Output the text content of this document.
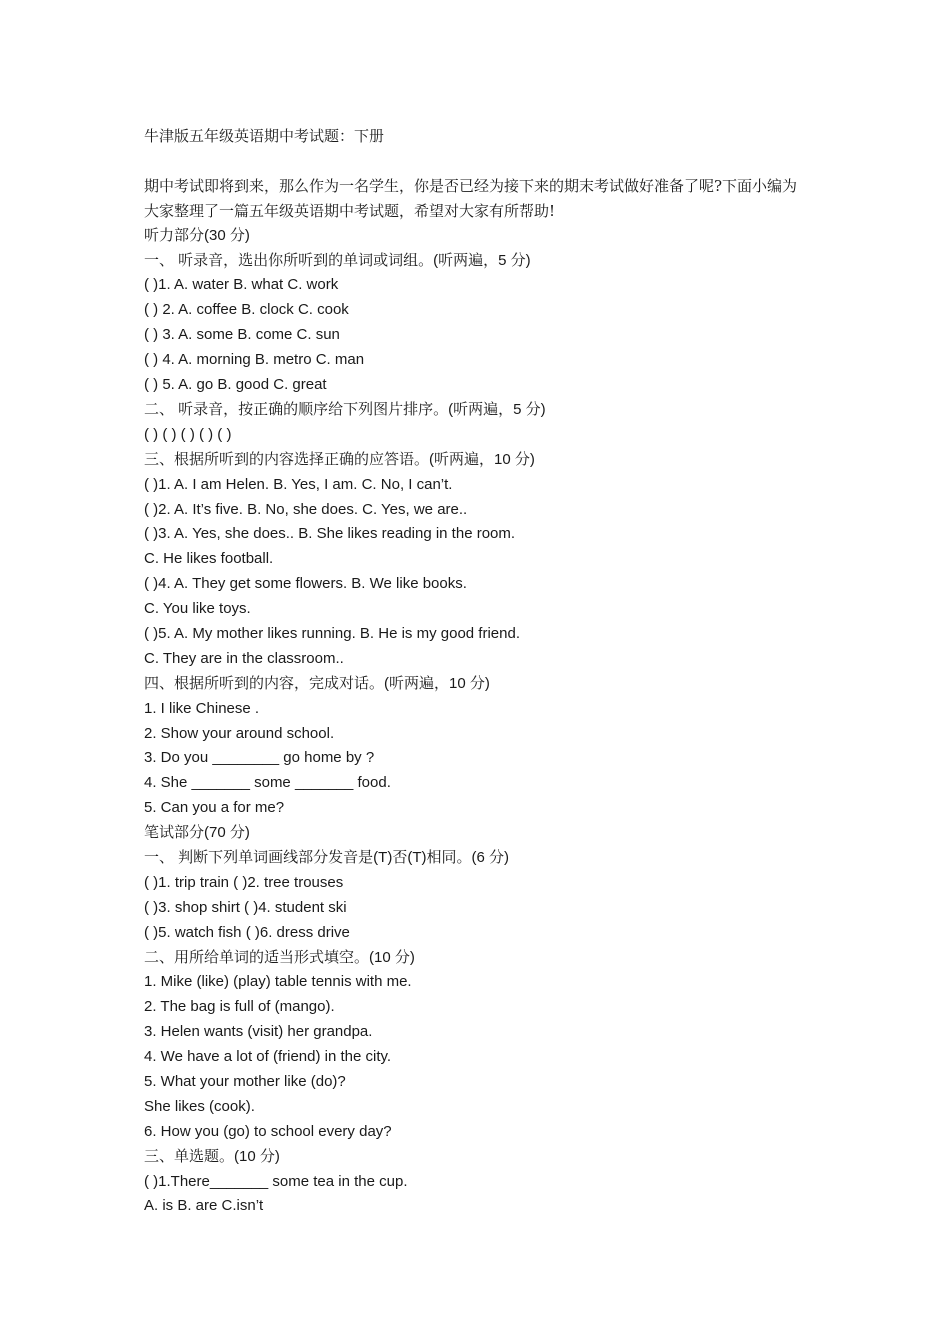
牛津版五年级英语期中考试题：下册
期中考试即将到来，那么作为一名学生，你是否已经为接下来的期末考试做好准备了呢?下面小编为大家整理了一篇五年级英语期中考试题，希望对大家有所帮助!
听力部分(30 分)
一、 听录音，选出你所听到的单词或词组。(听两遍，5 分)
( )1. A. water B. what C. work
( ) 2. A. coffee B. clock C. cook
( ) 3. A. some B. come C. sun
( ) 4. A. morning B. metro C. man
( ) 5. A. go B. good C. great
二、 听录音，按正确的顺序给下列图片排序。(听两遍，5 分)
( ) ( ) ( ) ( ) ( )
三、根据所听到的内容选择正确的应答语。(听两遍，10 分)
( )1. A. I am Helen. B. Yes, I am. C. No, I can’t.
( )2. A. It’s five. B. No, she does. C. Yes, we are..
( )3. A. Yes, she does.. B. She likes reading in the room.
C. He likes football.
( )4. A. They get some flowers. B. We like books.
C. You like toys.
( )5. A. My mother likes running. B. He is my good friend.
C. They are in the classroom..
四、根据所听到的内容，完成对话。(听两遍，10 分)
1. I like Chinese .
2. Show your around school.
3. Do you ________ go home by ?
4. She _______ some _______ food.
5. Can you a for me?
笔试部分(70 分)
一、 判断下列单词画线部分发音是(T)否(T)相同。(6 分)
( )1. trip train ( )2. tree trouses
( )3. shop shirt ( )4. student ski
( )5. watch fish ( )6. dress drive
二、用所给单词的适当形式填空。(10 分)
1. Mike (like) (play) table tennis with me.
2. The bag is full of (mango).
3. Helen wants (visit) her grandpa.
4. We have a lot of (friend) in the city.
5. What your mother like (do)?
She likes (cook).
6. How you (go) to school every day?
三、单选题。(10 分)
( )1.There_______ some tea in the cup.
A. is B. are C.isn’t
